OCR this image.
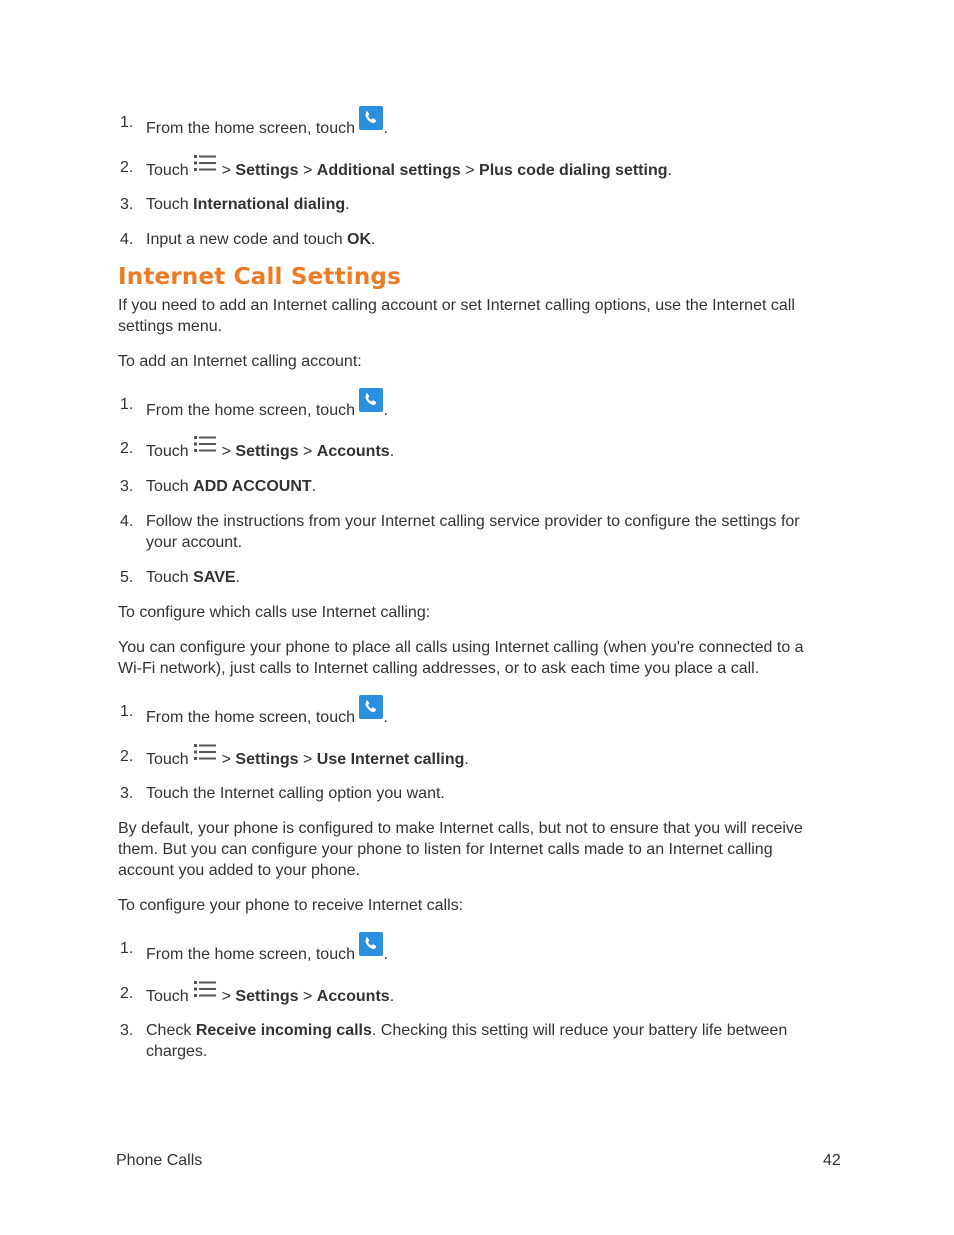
1. From the home screen, touch .
2. Touch > Settings > Additional settings > Plus code dialing setting.
3. Touch International dialing.
4. Input a new code and touch OK.
Internet Call Settings

If you need to add an Internet calling account or set Internet calling options, use the Internet call settings menu.

To add an Internet calling account:

1. From the home screen, touch .
2. Touch > Settings > Accounts.
3. Touch ADD ACCOUNT.
4. Follow the instructions from your Internet calling service provider to configure the settings for your account.
5. Touch SAVE.

To configure which calls use Internet calling:

You can configure your phone to place all calls using Internet calling (when you're connected to a Wi-Fi network), just calls to Internet calling addresses, or to ask each time you place a call.

1. From the home screen, touch .
2. Touch > Settings > Use Internet calling.
3. Touch the Internet calling option you want.

By default, your phone is configured to make Internet calls, but not to ensure that you will receive them. But you can configure your phone to listen for Internet calls made to an Internet calling account you added to your phone.

To configure your phone to receive Internet calls:

1. From the home screen, touch .
2. Touch > Settings > Accounts.
3. Check Receive incoming calls. Checking this setting will reduce your battery life between charges.
Phone Calls	42
